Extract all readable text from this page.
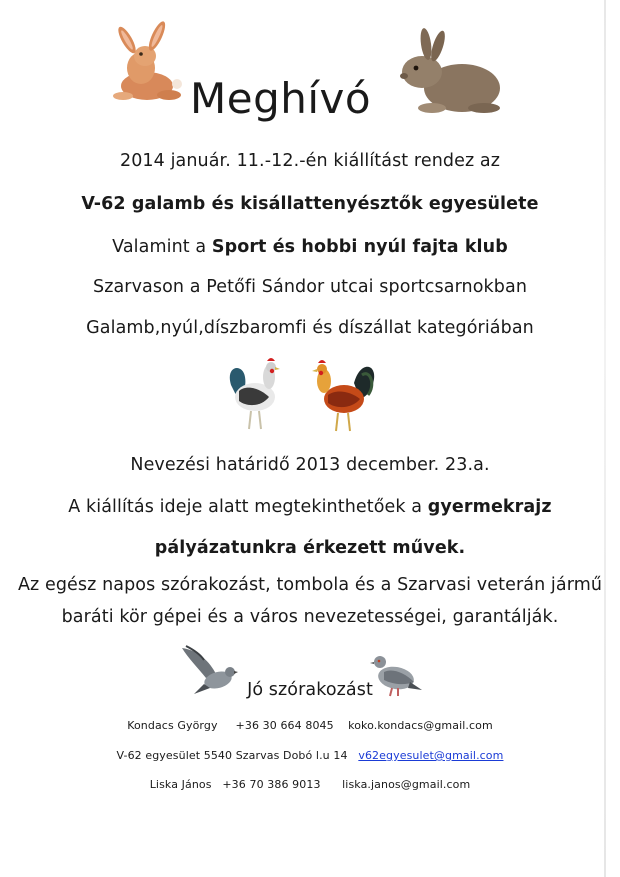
Meghívó
2014 január. 11.-12.-én kiállítást rendez az
V-62 galamb és kisállattenyésztők egyesülete
Valamint a Sport és hobbi nyúl fajta klub
Szarvason a Petőfi Sándor utcai sportcsarnokban
Galamb,nyúl,díszbaromfi és díszállat kategóriában
Nevezési határidő 2013 december. 23.a.
A kiállítás ideje alatt megtekinthetőek a gyermekrajz
pályázatunkra érkezett művek.
Az egész napos szórakozást, tombola és a Szarvasi veterán jármű
baráti kör gépei és a város nevezetességei, garantálják.
Jó szórakozást
Kondacs György +36 30 664 8045 koko.kondacs@gmail.com
V-62 egyesület 5540 Szarvas Dobó l.u 14 v62egyesulet@gmail.com
Liska János +36 70 386 9013 liska.janos@gmail.com
